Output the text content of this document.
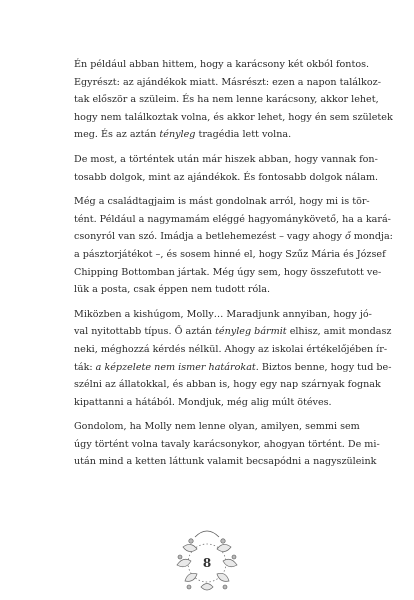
Én például abban hittem, hogy a karácsony két okból fontos.
Egyrészt: az ajándékok miatt. Másrészt: ezen a napon találkoz-
tak először a szüleim. És ha nem lenne karácsony, akkor lehet,
hogy nem találkoztak volna, és akkor lehet, hogy én sem születek
meg. És az aztán tényleg tragédia lett volna.

De most, a történtek után már hiszek abban, hogy vannak fon-
tosabb dolgok, mint az ajándékok. És fontosabb dolgok nálam.

Még a családtagjaim is mást gondolnak arról, hogy mi is tör-
tént. Például a nagymamám eléggé hagyománykövető, ha a kará-
csonyról van szó. Imádja a betlehemezést – vagy ahogy ő mondja:
a pásztorjátékot –, és sosem hinné el, hogy Szűz Mária és József
Chipping Bottomban jártak. Még úgy sem, hogy összefutott ve-
lük a posta, csak éppen nem tudott róla.

Miközben a kishúgom, Molly… Maradjunk annyiban, hogy jó-
val nyitottabb típus. Ő aztán tényleg bármit elhisz, amit mondasz
neki, méghozzá kérdés nélkül. Ahogy az iskolai értékelőjében ír-
ták: a képzelete nem ismer határokat. Biztos benne, hogy tud be-
szélni az állatokkal, és abban is, hogy egy nap szárnyak fognak
kipattanni a hátából. Mondjuk, még alig múlt ötéves.

Gondolom, ha Molly nem lenne olyan, amilyen, semmi sem
úgy történt volna tavaly karácsonykor, ahogyan történt. De mi-
után mind a ketten láttunk valamit becsapódni a nagyszüleink

8
